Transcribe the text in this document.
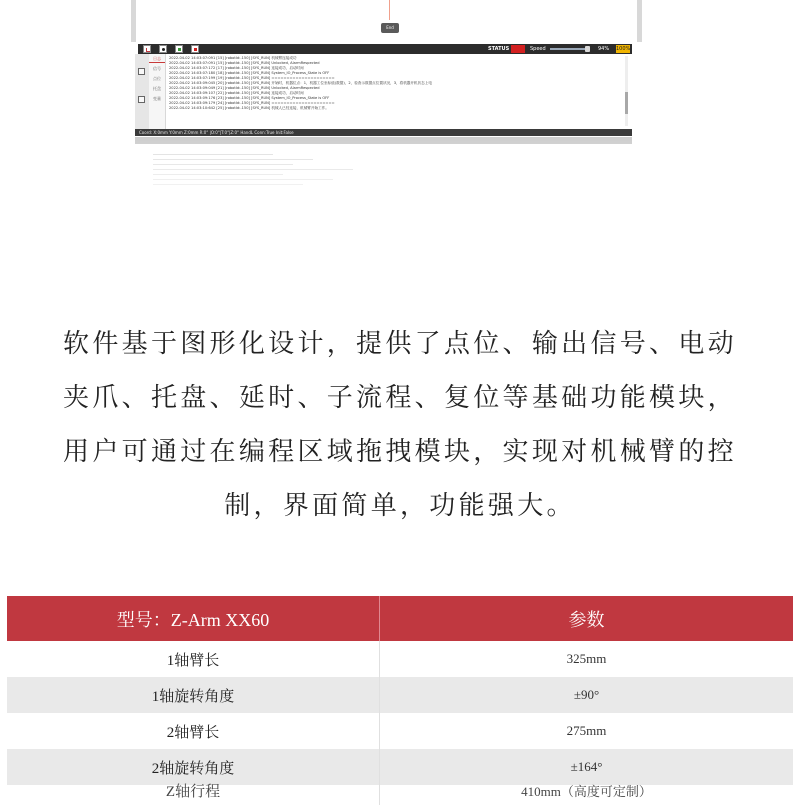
End
STATUS	Speed	94% 100%
日志
信号
点位
托盘
变量
2022-04-02 14:03:07:091 [15] [robotId:-150] [SYS_RUN] 机械臂连接成功
2022-04-02 14:03:07:091 [15] [robotId:-150] [SYS_RUN] Unlocked, AlarmRespected
2022-04-02 14:03:07:172 [17] [robotId:-150] [SYS_RUN] 连接成功，启动时间
2022-04-02 14:03:07:180 [18] [robotId:-150] [SYS_RUN] System_IO_Process_State is OFF
2022-04-02 14:03:07:199 [19] [robotId:-150] [SYS_RUN] =====================
2022-04-02 14:03:09:045 [20] [robotId:-150] [SYS_RUN] 开始时，机器位点：1，机器工位坐标值(数据)，2，检查示数据点位置状况，3，将机器开机状态上电
2022-04-02 14:03:09:049 [21] [robotId:-150] [SYS_RUN] Unlocked, AlarmRespected
2022-04-02 14:03:09:107 [22] [robotId:-150] [SYS_RUN] 连接成功，启动时间
2022-04-02 14:03:09:176 [23] [robotId:-150] [SYS_RUN] System_IO_Process_State is OFF
2022-04-02 14:03:09:179 [24] [robotId:-150] [SYS_RUN] =====================
2022-04-02 14:03:10:642 [25] [robotId:-150] [SYS_RUN] 机械人已经连接，机械臂开始工作。
Coord: X:0mm Y:0mm Z:0mm R:0° |O:0°|T:0°|Z:0° HandL Conn:True Init:False

软件基于图形化设计，提供了点位、输出信号、电动夹爪、托盘、延时、子流程、复位等基础功能模块，用户可通过在编程区域拖拽模块，实现对机械臂的控制，界面简单，功能强大。

型号：Z-Arm XX60	参数
1轴臂长	325mm
1轴旋转角度	±90°
2轴臂长	275mm
2轴旋转角度	±164°
Z轴行程	410mm（高度可定制）
